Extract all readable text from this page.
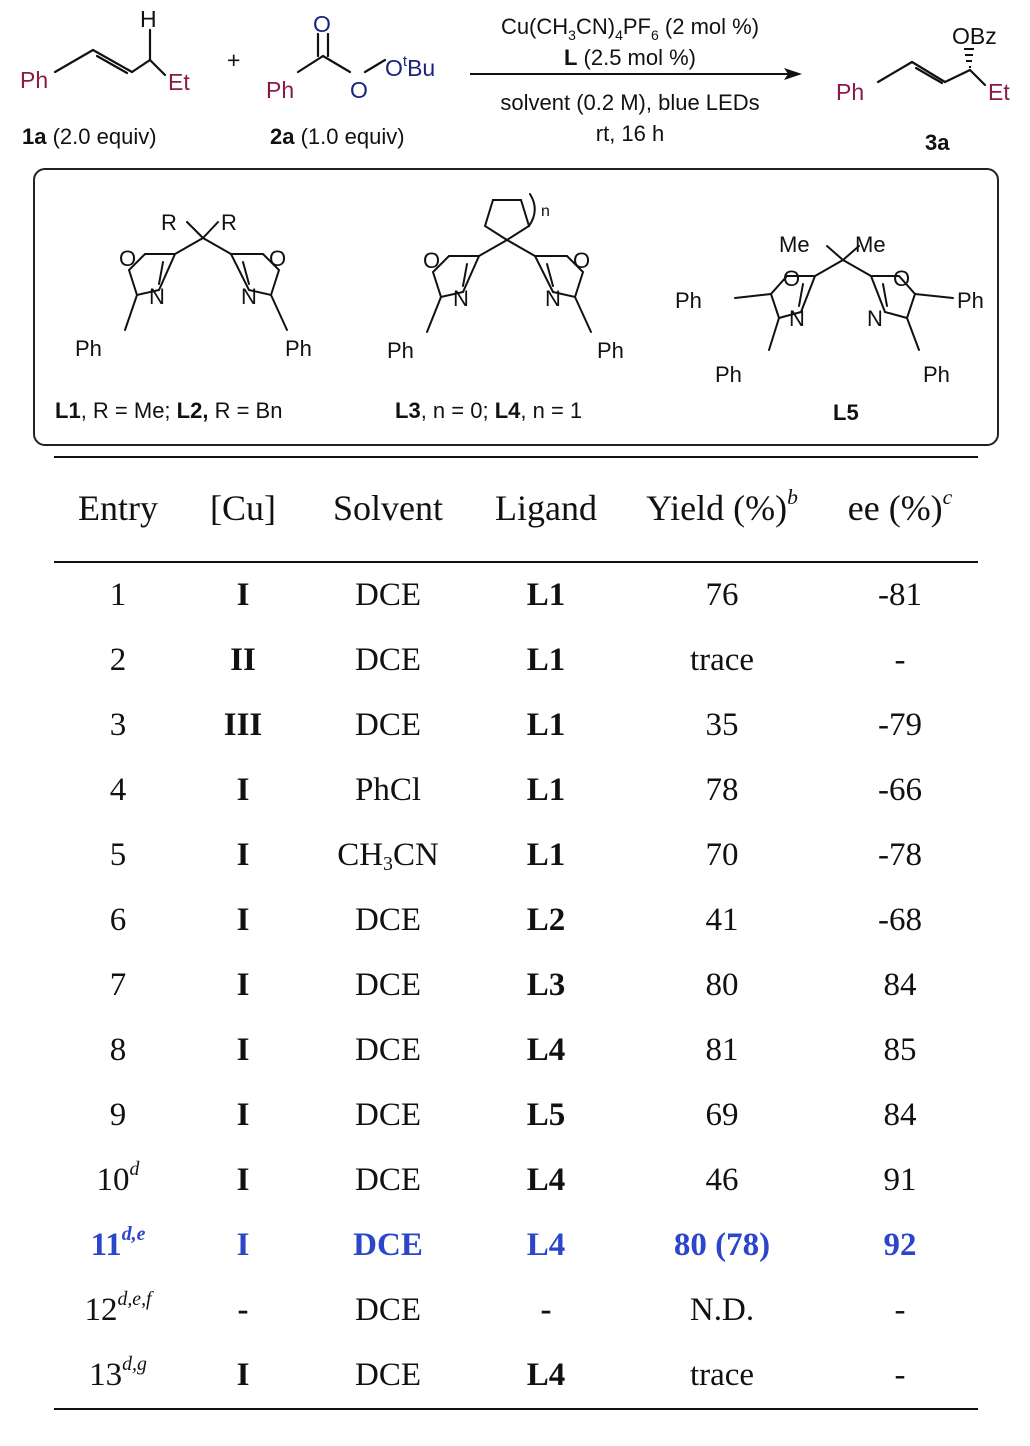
H
Ph	Et
1a (2.0 equiv)
+
O
Ph O
$O^tBu$
2a (1.0 equiv)
$Cu(CH_3CN)_4PF_6$ (2 mol %)
L (2.5 mol %)
solvent (0.2 M), blue LEDs
rt, 16 h
OBz
Ph	Et
3a
R R
O	O
N	N
Ph	Ph
L1, R = Me; L2, R = Bn
n
O	O
N	N
Ph	Ph
L3, n = 0; L4, n = 1
Me Me
O	O
N	N
Ph	Ph
Ph	Ph
L5
Entry [Cu] Solvent Ligand Yield (%)$^b$ ee (%)$^c$
1	I	DCE	L1	76	-81
2	II	DCE	L1	trace	-
3	III	DCE	L1	35	-79
4	I	PhCl	L1	78	-66
5	I	$CH_3CN$	L1	70	-78
6	I	DCE	L2	41	-68
7	I	DCE	L3	80	84
8	I	DCE	L4	81	85
9	I	DCE	L5	69	84
10$^d$	I	DCE	L4	46	91
11$^{d,e}$	I	DCE	L4	80 (78)	92
12$^{d,e,f}$	-	DCE	-	N.D.	-
13$^{d,g}$	I	DCE	L4	trace	-
